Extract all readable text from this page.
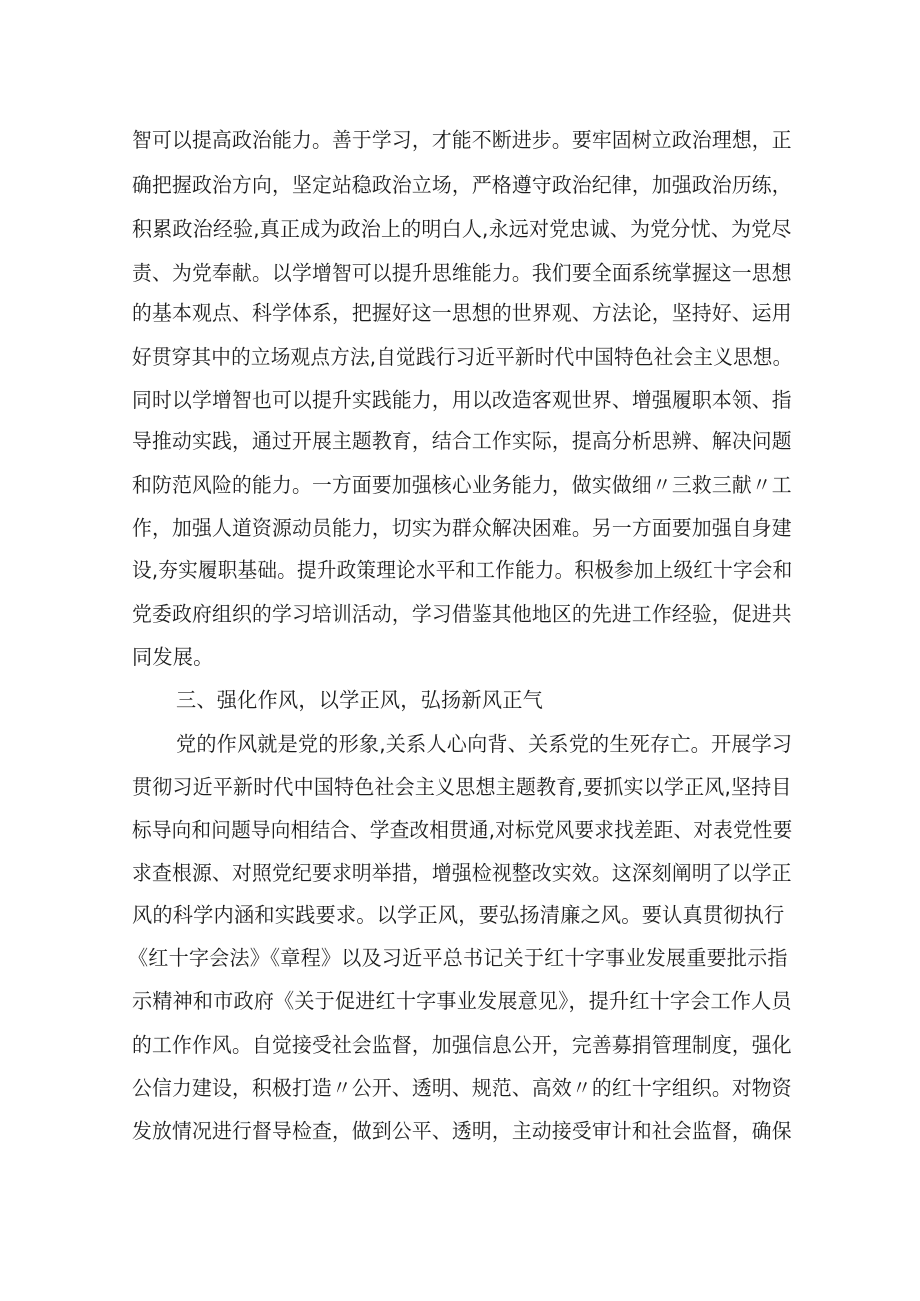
智可以提高政治能力。善于学习，才能不断进步。要牢固树立政治理想，正
确把握政治方向，坚定站稳政治立场，严格遵守政治纪律，加强政治历练，
积累政治经验,真正成为政治上的明白人,永远对党忠诚、为党分忧、为党尽
责、为党奉献。以学增智可以提升思维能力。我们要全面系统掌握这一思想
的基本观点、科学体系，把握好这一思想的世界观、方法论，坚持好、运用
好贯穿其中的立场观点方法,自觉践行习近平新时代中国特色社会主义思想。
同时以学增智也可以提升实践能力，用以改造客观世界、增强履职本领、指
导推动实践，通过开展主题教育，结合工作实际，提高分析思辨、解决问题
和防范风险的能力。一方面要加强核心业务能力，做实做细〃三救三献〃工
作，加强人道资源动员能力，切实为群众解决困难。另一方面要加强自身建
设,夯实履职基础。提升政策理论水平和工作能力。积极参加上级红十字会和
党委政府组织的学习培训活动，学习借鉴其他地区的先进工作经验，促进共
同发展。
三、强化作风，以学正风，弘扬新风正气
党的作风就是党的形象,关系人心向背、关系党的生死存亡。开展学习
贯彻习近平新时代中国特色社会主义思想主题教育,要抓实以学正风,坚持目
标导向和问题导向相结合、学查改相贯通,对标党风要求找差距、对表党性要
求查根源、对照党纪要求明举措，增强检视整改实效。这深刻阐明了以学正
风的科学内涵和实践要求。以学正风，要弘扬清廉之风。要认真贯彻执行
《红十字会法》《章程》以及习近平总书记关于红十字事业发展重要批示指
示精神和市政府《关于促进红十字事业发展意见》，提升红十字会工作人员
的工作作风。自觉接受社会监督，加强信息公开，完善募捐管理制度，强化
公信力建设，积极打造〃公开、透明、规范、高效〃的红十字组织。对物资
发放情况进行督导检查，做到公平、透明，主动接受审计和社会监督，确保
